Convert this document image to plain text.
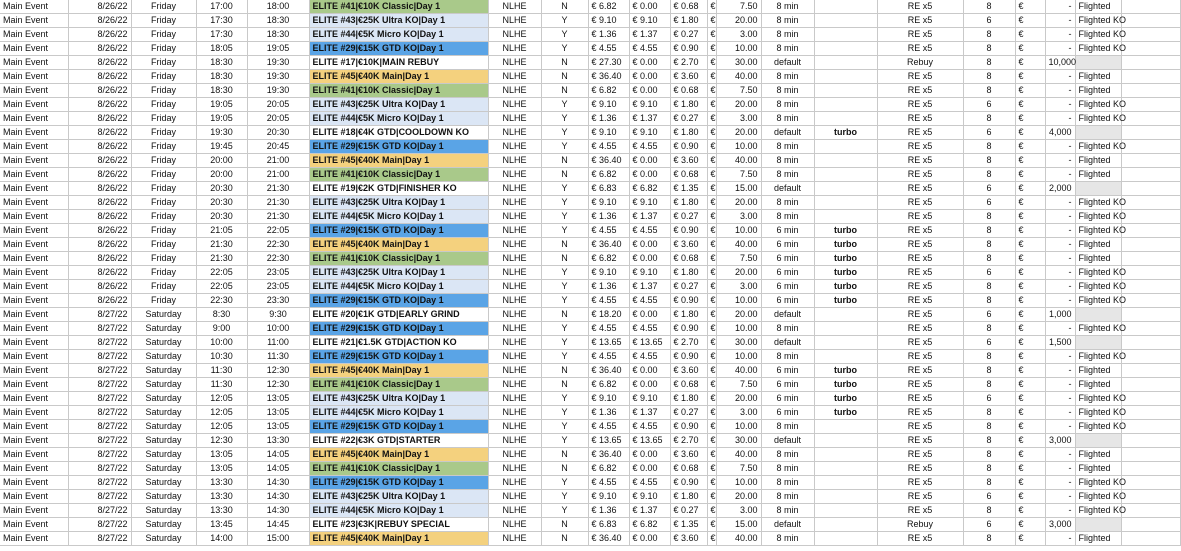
Main Event	8/26/22	Friday	17:00	18:00	ELITE #41|€10K Classic|Day 1	NLHE	N	€ 6.82	€ 0.00	€ 0.68	€	7.50	8 min		RE x5	8	€	-	Flighted	
Main Event	8/26/22	Friday	17:30	18:30	ELITE #43|€25K Ultra KO|Day 1	NLHE	Y	€ 9.10	€ 9.10	€ 1.80	€	20.00	8 min		RE x5	6	€	-	Flighted KO	
Main Event	8/26/22	Friday	17:30	18:30	ELITE #44|€5K Micro KO|Day 1	NLHE	Y	€ 1.36	€ 1.37	€ 0.27	€	3.00	8 min		RE x5	8	€	-	Flighted KO	
Main Event	8/26/22	Friday	18:05	19:05	ELITE #29|€15K GTD KO|Day 1	NLHE	Y	€ 4.55	€ 4.55	€ 0.90	€	10.00	8 min		RE x5	8	€	-	Flighted KO	
Main Event	8/26/22	Friday	18:30	19:30	ELITE #17|€10K|MAIN REBUY	NLHE	N	€ 27.30	€ 0.00	€ 2.70	€	30.00	default		Rebuy	8	€	10,000		
Main Event	8/26/22	Friday	18:30	19:30	ELITE #45|€40K Main|Day 1	NLHE	N	€ 36.40	€ 0.00	€ 3.60	€	40.00	8 min		RE x5	8	€	-	Flighted	
Main Event	8/26/22	Friday	18:30	19:30	ELITE #41|€10K Classic|Day 1	NLHE	N	€ 6.82	€ 0.00	€ 0.68	€	7.50	8 min		RE x5	8	€	-	Flighted	
Main Event	8/26/22	Friday	19:05	20:05	ELITE #43|€25K Ultra KO|Day 1	NLHE	Y	€ 9.10	€ 9.10	€ 1.80	€	20.00	8 min		RE x5	6	€	-	Flighted KO	
Main Event	8/26/22	Friday	19:05	20:05	ELITE #44|€5K Micro KO|Day 1	NLHE	Y	€ 1.36	€ 1.37	€ 0.27	€	3.00	8 min		RE x5	8	€	-	Flighted KO	
Main Event	8/26/22	Friday	19:30	20:30	ELITE #18|€4K GTD|COOLDOWN KO	NLHE	Y	€ 9.10	€ 9.10	€ 1.80	€	20.00	default	turbo	RE x5	6	€	4,000		
Main Event	8/26/22	Friday	19:45	20:45	ELITE #29|€15K GTD KO|Day 1	NLHE	Y	€ 4.55	€ 4.55	€ 0.90	€	10.00	8 min		RE x5	8	€	-	Flighted KO	
Main Event	8/26/22	Friday	20:00	21:00	ELITE #45|€40K Main|Day 1	NLHE	N	€ 36.40	€ 0.00	€ 3.60	€	40.00	8 min		RE x5	8	€	-	Flighted	
Main Event	8/26/22	Friday	20:00	21:00	ELITE #41|€10K Classic|Day 1	NLHE	N	€ 6.82	€ 0.00	€ 0.68	€	7.50	8 min		RE x5	8	€	-	Flighted	
Main Event	8/26/22	Friday	20:30	21:30	ELITE #19|€2K GTD|FINISHER KO	NLHE	Y	€ 6.83	€ 6.82	€ 1.35	€	15.00	default		RE x5	6	€	2,000		
Main Event	8/26/22	Friday	20:30	21:30	ELITE #43|€25K Ultra KO|Day 1	NLHE	Y	€ 9.10	€ 9.10	€ 1.80	€	20.00	8 min		RE x5	6	€	-	Flighted KO	
Main Event	8/26/22	Friday	20:30	21:30	ELITE #44|€5K Micro KO|Day 1	NLHE	Y	€ 1.36	€ 1.37	€ 0.27	€	3.00	8 min		RE x5	8	€	-	Flighted KO	
Main Event	8/26/22	Friday	21:05	22:05	ELITE #29|€15K GTD KO|Day 1	NLHE	Y	€ 4.55	€ 4.55	€ 0.90	€	10.00	6 min	turbo	RE x5	8	€	-	Flighted KO	
Main Event	8/26/22	Friday	21:30	22:30	ELITE #45|€40K Main|Day 1	NLHE	N	€ 36.40	€ 0.00	€ 3.60	€	40.00	6 min	turbo	RE x5	8	€	-	Flighted	
Main Event	8/26/22	Friday	21:30	22:30	ELITE #41|€10K Classic|Day 1	NLHE	N	€ 6.82	€ 0.00	€ 0.68	€	7.50	6 min	turbo	RE x5	8	€	-	Flighted	
Main Event	8/26/22	Friday	22:05	23:05	ELITE #43|€25K Ultra KO|Day 1	NLHE	Y	€ 9.10	€ 9.10	€ 1.80	€	20.00	6 min	turbo	RE x5	6	€	-	Flighted KO	
Main Event	8/26/22	Friday	22:05	23:05	ELITE #44|€5K Micro KO|Day 1	NLHE	Y	€ 1.36	€ 1.37	€ 0.27	€	3.00	6 min	turbo	RE x5	8	€	-	Flighted KO	
Main Event	8/26/22	Friday	22:30	23:30	ELITE #29|€15K GTD KO|Day 1	NLHE	Y	€ 4.55	€ 4.55	€ 0.90	€	10.00	6 min	turbo	RE x5	8	€	-	Flighted KO	
Main Event	8/27/22	Saturday	8:30	9:30	ELITE #20|€1K GTD|EARLY GRIND	NLHE	N	€ 18.20	€ 0.00	€ 1.80	€	20.00	default		RE x5	6	€	1,000		
Main Event	8/27/22	Saturday	9:00	10:00	ELITE #29|€15K GTD KO|Day 1	NLHE	Y	€ 4.55	€ 4.55	€ 0.90	€	10.00	8 min		RE x5	8	€	-	Flighted KO	
Main Event	8/27/22	Saturday	10:00	11:00	ELITE #21|€1.5K GTD|ACTION KO	NLHE	Y	€ 13.65	€ 13.65	€ 2.70	€	30.00	default		RE x5	6	€	1,500		
Main Event	8/27/22	Saturday	10:30	11:30	ELITE #29|€15K GTD KO|Day 1	NLHE	Y	€ 4.55	€ 4.55	€ 0.90	€	10.00	8 min		RE x5	8	€	-	Flighted KO	
Main Event	8/27/22	Saturday	11:30	12:30	ELITE #45|€40K Main|Day 1	NLHE	N	€ 36.40	€ 0.00	€ 3.60	€	40.00	6 min	turbo	RE x5	8	€	-	Flighted	
Main Event	8/27/22	Saturday	11:30	12:30	ELITE #41|€10K Classic|Day 1	NLHE	N	€ 6.82	€ 0.00	€ 0.68	€	7.50	6 min	turbo	RE x5	8	€	-	Flighted	
Main Event	8/27/22	Saturday	12:05	13:05	ELITE #43|€25K Ultra KO|Day 1	NLHE	Y	€ 9.10	€ 9.10	€ 1.80	€	20.00	6 min	turbo	RE x5	6	€	-	Flighted KO	
Main Event	8/27/22	Saturday	12:05	13:05	ELITE #44|€5K Micro KO|Day 1	NLHE	Y	€ 1.36	€ 1.37	€ 0.27	€	3.00	6 min	turbo	RE x5	8	€	-	Flighted KO	
Main Event	8/27/22	Saturday	12:05	13:05	ELITE #29|€15K GTD KO|Day 1	NLHE	Y	€ 4.55	€ 4.55	€ 0.90	€	10.00	8 min		RE x5	8	€	-	Flighted KO	
Main Event	8/27/22	Saturday	12:30	13:30	ELITE #22|€3K GTD|STARTER	NLHE	Y	€ 13.65	€ 13.65	€ 2.70	€	30.00	default		RE x5	8	€	3,000		
Main Event	8/27/22	Saturday	13:05	14:05	ELITE #45|€40K Main|Day 1	NLHE	N	€ 36.40	€ 0.00	€ 3.60	€	40.00	8 min		RE x5	8	€	-	Flighted	
Main Event	8/27/22	Saturday	13:05	14:05	ELITE #41|€10K Classic|Day 1	NLHE	N	€ 6.82	€ 0.00	€ 0.68	€	7.50	8 min		RE x5	8	€	-	Flighted	
Main Event	8/27/22	Saturday	13:30	14:30	ELITE #29|€15K GTD KO|Day 1	NLHE	Y	€ 4.55	€ 4.55	€ 0.90	€	10.00	8 min		RE x5	8	€	-	Flighted KO	
Main Event	8/27/22	Saturday	13:30	14:30	ELITE #43|€25K Ultra KO|Day 1	NLHE	Y	€ 9.10	€ 9.10	€ 1.80	€	20.00	8 min		RE x5	6	€	-	Flighted KO	
Main Event	8/27/22	Saturday	13:30	14:30	ELITE #44|€5K Micro KO|Day 1	NLHE	Y	€ 1.36	€ 1.37	€ 0.27	€	3.00	8 min		RE x5	8	€	-	Flighted KO	
Main Event	8/27/22	Saturday	13:45	14:45	ELITE #23|€3K|REBUY SPECIAL	NLHE	N	€ 6.83	€ 6.82	€ 1.35	€	15.00	default		Rebuy	6	€	3,000		
Main Event	8/27/22	Saturday	14:00	15:00	ELITE #45|€40K Main|Day 1	NLHE	N	€ 36.40	€ 0.00	€ 3.60	€	40.00	8 min		RE x5	8	€	-	Flighted	
